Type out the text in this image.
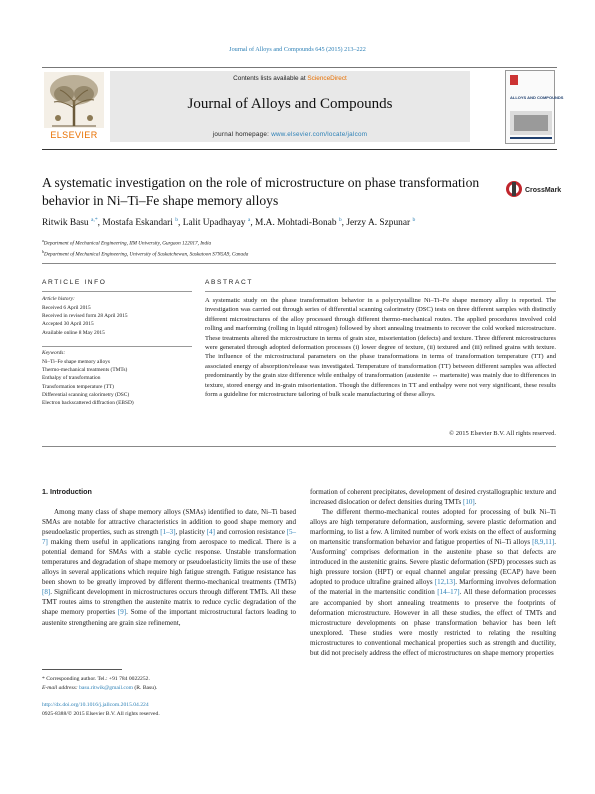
Journal of Alloys and Compounds 645 (2015) 213–222
ELSEVIER
Contents lists available at ScienceDirect
Journal of Alloys and Compounds
journal homepage: www.elsevier.com/locate/jalcom
ALLOYS AND COMPOUNDS
A systematic investigation on the role of microstructure on phase transformation behavior in Ni–Ti–Fe shape memory alloys
CrossMark
Ritwik Basu $^{a,*}$, Mostafa Eskandari $^b$, Lalit Upadhayay $^a$, M.A. Mohtadi-Bonab $^b$, Jerzy A. Szpunar $^b$
$^a$Department of Mechanical Engineering, IIM University, Gurgaon 122017, India
$^b$Department of Mechanical Engineering, University of Saskatchewan, Saskatoon S7N5A9, Canada
ARTICLE INFO
Article history:
Received 6 April 2015
Received in revised form 28 April 2015
Accepted 30 April 2015
Available online 8 May 2015
Keywords:
Ni–Ti–Fe shape memory alloys
Thermo-mechanical treatments (TMTs)
Enthalpy of transformation
Transformation temperature (TT)
Differential scanning calorimetry (DSC)
Electron backscattered diffraction (EBSD)
ABSTRACT
A systematic study on the phase transformation behavior in a polycrystalline Ni–Ti–Fe shape memory alloy is reported. The investigation was carried out through series of differential scanning calorimetry (DSC) tests on three different samples with distinctly different microstructures of the alloy processed through different thermo-mechanical routes. The applied procedures involved cold rolling and marforming (rolling in liquid nitrogen) followed by short annealing treatments to recover the cold worked microstructure. These treatments altered the microstructure in terms of grain size, misorientation (defects) and texture. Three different microstructures were generated through adopted deformation processes (i) lower degree of texture, (ii) textured and (iii) refined grains with texture. The influence of the microstructural parameters on the phase transformations in terms of transformation temperature (TT) and associated energy of absorption/release was investigated. Temperature of transformation (TT) between different samples was affected predominantly by the grain size difference while enthalpy of transformation (austenite ↔ martensite) was mainly due to differences in texture, stored energy and in-grain misorientation. Though the differences in TT and enthalpy were not very significant, these results form a guideline for microstructure tailoring of bulk scale manufacturing of these alloys.
© 2015 Elsevier B.V. All rights reserved.
1. Introduction

Among many class of shape memory alloys (SMAs) identified to date, Ni–Ti based SMAs are notable for attractive characteristics in addition to good shape memory and pseudoelastic properties, such as strength [1–3], plasticity [4] and corrosion resistance [5–7] making them useful in applications ranging from aerospace to medical. There is a potential demand for SMAs with a stable cyclic response. Unstable transformation temperatures and degradation of shape memory or pseudoelasticity limits the use of these alloys in several applications which require high fatigue strength. Fatigue resistance has been shown to be greatly improved by different thermo-mechanical treatments (TMTs) [8]. Significant development in microstructures occurs through different TMTs. All these TMT routes aims to strengthen the austenite matrix to reduce cyclic degradation of the shape memory properties [9]. Some of the important microstructural factors leading to austenite strengthening are grain size refinement,

formation of coherent precipitates, development of desired crystallographic texture and increased dislocation or defect densities during TMTs [10].

The different thermo-mechanical routes adopted for processing of bulk Ni–Ti alloys are high temperature deformation, ausforming, severe plastic deformation and marforming, to list a few. A limited number of work exists on the effect of ausforming on martensitic transformation behavior and fatigue properties of Ni–Ti alloys [8,9,11]. 'Ausforming' comprises deformation in the austenite phase so that defects are introduced in the austenitic grains. Severe plastic deformation (SPD) processes such as high pressure torsion (HPT) or equal channel angular pressing (ECAP) have been adopted to produce ultrafine grained alloys [12,13]. Marforming involves deformation of the material in the martensitic condition [14–17]. All these deformation processes are accompanied by short annealing treatments to preserve the footprints of deformation microstructure. However in all these studies, the effect of TMTs and microstructure developments on phase transformation behavior has been left unexplored. These studies were mostly restricted to relating the resulting microstructures to conventional mechanical properties such as strength and ductility, but did not precisely address the effect of microstructures on shape memory properties

* Corresponding author. Tel.: +91 784 0022252.
E-mail address: basu.ritwik@gmail.com (R. Basu).
http://dx.doi.org/10.1016/j.jallcom.2015.04.224
0925-8388/© 2015 Elsevier B.V. All rights reserved.
